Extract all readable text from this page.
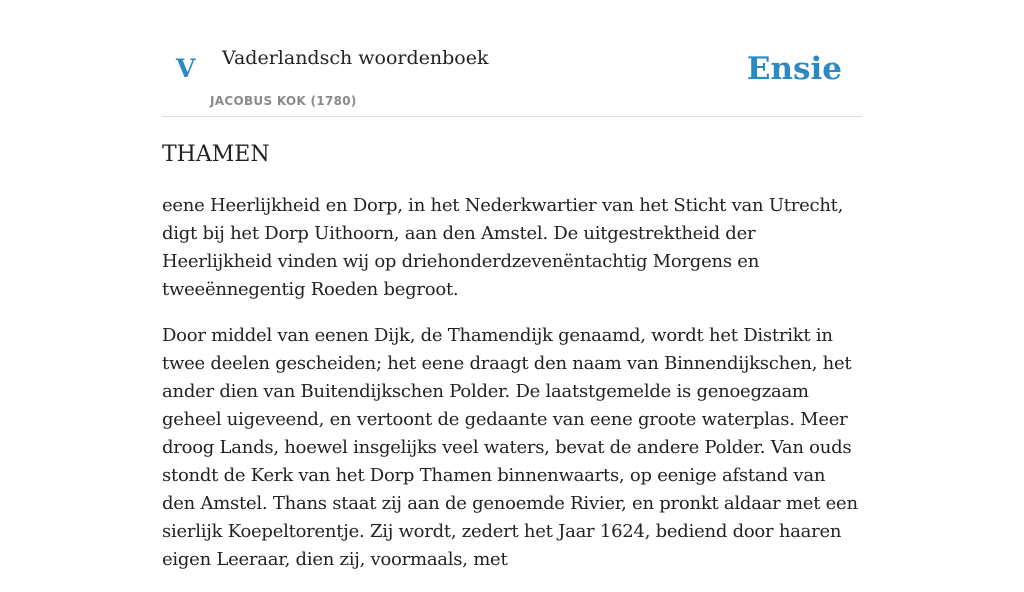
V Vaderlandsch woordenboek
JACOBUS KOK (1780)
Ensie
THAMEN

eene Heerlijkheid en Dorp, in het Nederkwartier van het Sticht van Utrecht, digt bij het Dorp Uithoorn, aan den Amstel. De uitgestrektheid der Heerlijkheid vinden wij op driehonderdzevenëntachtig Morgens en tweeënnegentig Roeden begroot.

Door middel van eenen Dijk, de Thamendijk genaamd, wordt het Distrikt in twee deelen gescheiden; het eene draagt den naam van Binnendijkschen, het ander dien van Buitendijkschen Polder. De laatstgemelde is genoegzaam geheel uigeveend, en vertoont de gedaante van eene groote waterplas. Meer droog Lands, hoewel insgelijks veel waters, bevat de andere Polder. Van ouds stondt de Kerk van het Dorp Thamen binnenwaarts, op eenige afstand van den Amstel. Thans staat zij aan de genoemde Rivier, en pronkt aldaar met een sierlijk Koepeltorentje. Zij wordt, zedert het Jaar 1624, bediend door haaren eigen Leeraar, dien zij, voormaals, met
